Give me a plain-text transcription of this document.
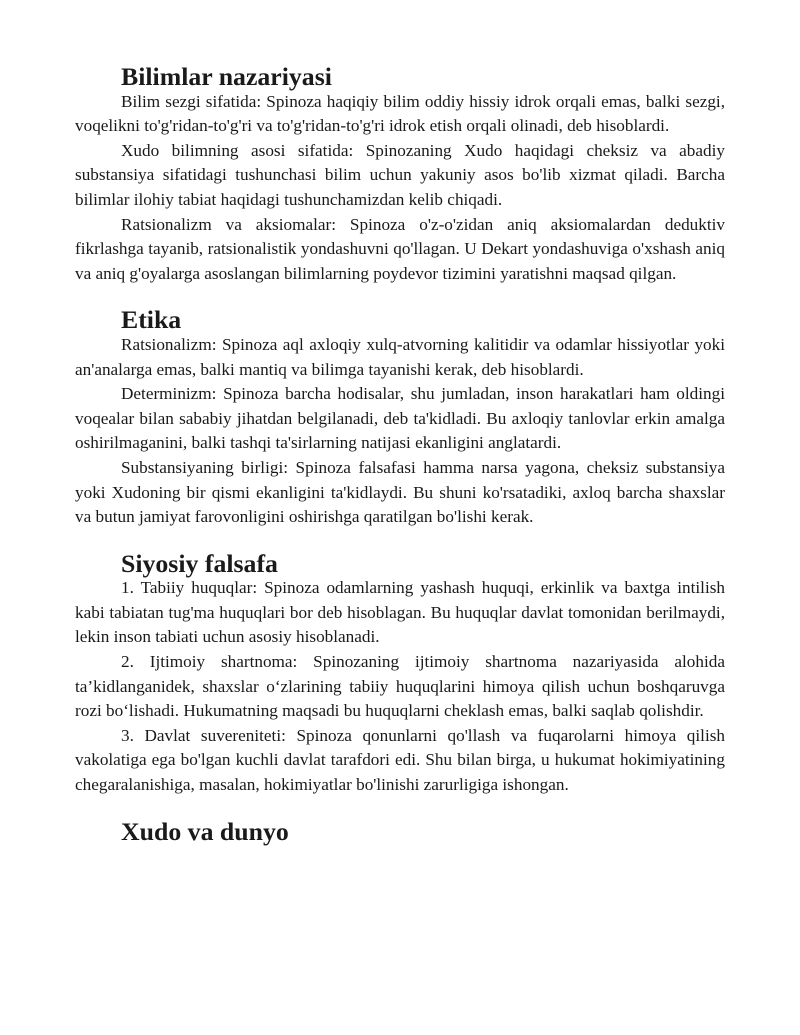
Bilimlar nazariyasi

Bilim sezgi sifatida: Spinoza haqiqiy bilim oddiy hissiy idrok orqali emas, balki sezgi, voqelikni to'g'ridan-to'g'ri va to'g'ridan-to'g'ri idrok etish orqali olinadi, deb hisoblardi.

Xudo bilimning asosi sifatida: Spinozaning Xudo haqidagi cheksiz va abadiy substansiya sifatidagi tushunchasi bilim uchun yakuniy asos bo'lib xizmat qiladi. Barcha bilimlar ilohiy tabiat haqidagi tushunchamizdan kelib chiqadi.

Ratsionalizm va aksiomalar: Spinoza o'z-o'zidan aniq aksiomalardan deduktiv fikrlashga tayanib, ratsionalistik yondashuvni qo'llagan. U Dekart yondashuviga o'xshash aniq va aniq g'oyalarga asoslangan bilimlarning poydevor tizimini yaratishni maqsad qilgan.

Etika

Ratsionalizm: Spinoza aql axloqiy xulq-atvorning kalitidir va odamlar hissiyotlar yoki an'analarga emas, balki mantiq va bilimga tayanishi kerak, deb hisoblardi.

Determinizm: Spinoza barcha hodisalar, shu jumladan, inson harakatlari ham oldingi voqealar bilan sababiy jihatdan belgilanadi, deb ta'kidladi. Bu axloqiy tanlovlar erkin amalga oshirilmaganini, balki tashqi ta'sirlarning natijasi ekanligini anglatardi.

Substansiyaning birligi: Spinoza falsafasi hamma narsa yagona, cheksiz substansiya yoki Xudoning bir qismi ekanligini ta'kidlaydi. Bu shuni ko'rsatadiki, axloq barcha shaxslar va butun jamiyat farovonligini oshirishga qaratilgan bo'lishi kerak.

Siyosiy falsafa

1. Tabiiy huquqlar: Spinoza odamlarning yashash huquqi, erkinlik va baxtga intilish kabi tabiatan tug'ma huquqlari bor deb hisoblagan. Bu huquqlar davlat tomonidan berilmaydi, lekin inson tabiati uchun asosiy hisoblanadi.

2. Ijtimoiy shartnoma: Spinozaning ijtimoiy shartnoma nazariyasida alohida ta’kidlanganidek, shaxslar o‘zlarining tabiiy huquqlarini himoya qilish uchun boshqaruvga rozi bo‘lishadi. Hukumatning maqsadi bu huquqlarni cheklash emas, balki saqlab qolishdir.

3. Davlat suvereniteti: Spinoza qonunlarni qo'llash va fuqarolarni himoya qilish vakolatiga ega bo'lgan kuchli davlat tarafdori edi. Shu bilan birga, u hukumat hokimiyatining chegaralanishiga, masalan, hokimiyatlar bo'linishi zarurligiga ishongan.

Xudo va dunyo
